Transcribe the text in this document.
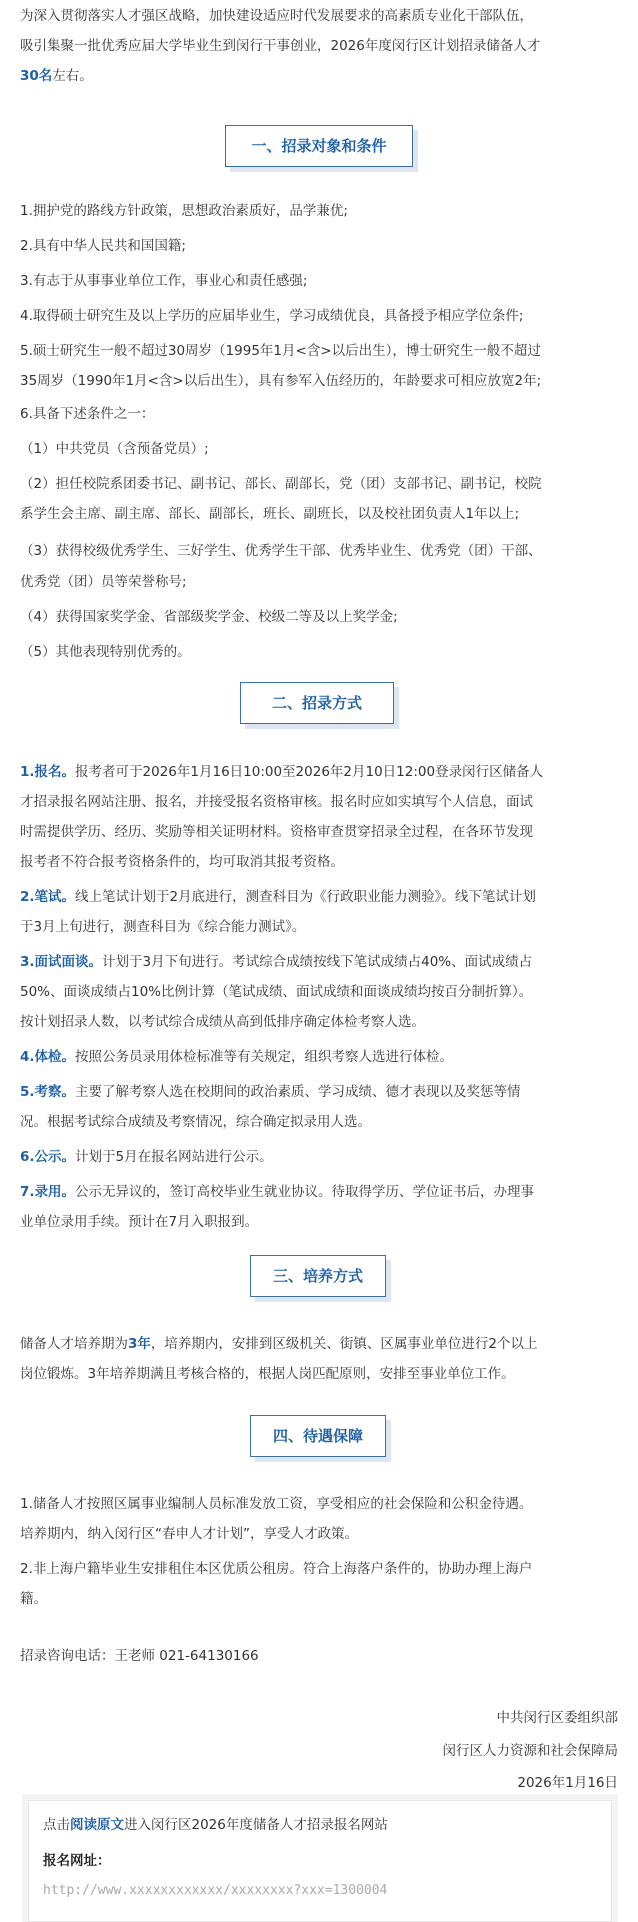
为深入贯彻落实人才强区战略，加快建设适应时代发展要求的高素质专业化干部队伍，

吸引集聚一批优秀应届大学毕业生到闵行干事创业，2026年度闵行区计划招录储备人才

30名左右。

一、招录对象和条件

1.拥护党的路线方针政策，思想政治素质好，品学兼优;

2.具有中华人民共和国国籍;

3.有志于从事事业单位工作，事业心和责任感强;

4.取得硕士研究生及以上学历的应届毕业生，学习成绩优良，具备授予相应学位条件;

5.硕士研究生一般不超过30周岁（1995年1月<含>以后出生），博士研究生一般不超过

35周岁（1990年1月<含>以后出生），具有参军入伍经历的，年龄要求可相应放宽2年;

6.具备下述条件之一：

（1）中共党员（含预备党员）;

（2）担任校院系团委书记、副书记、部长、副部长，党（团）支部书记、副书记，校院

系学生会主席、副主席、部长、副部长，班长、副班长，以及校社团负责人1年以上;

（3）获得校级优秀学生、三好学生、优秀学生干部、优秀毕业生、优秀党（团）干部、

优秀党（团）员等荣誉称号;

（4）获得国家奖学金、省部级奖学金、校级二等及以上奖学金;

（5）其他表现特别优秀的。

二、招录方式

1.报名。报考者可于2026年1月16日10:00至2026年2月10日12:00登录闵行区储备人

才招录报名网站注册、报名，并接受报名资格审核。报名时应如实填写个人信息，面试

时需提供学历、经历、奖励等相关证明材料。资格审查贯穿招录全过程，在各环节发现

报考者不符合报考资格条件的，均可取消其报考资格。

2.笔试。线上笔试计划于2月底进行，测查科目为《行政职业能力测验》。线下笔试计划

于3月上旬进行，测查科目为《综合能力测试》。

3.面试面谈。计划于3月下旬进行。考试综合成绩按线下笔试成绩占40%、面试成绩占

50%、面谈成绩占10%比例计算（笔试成绩、面试成绩和面谈成绩均按百分制折算）。

按计划招录人数，以考试综合成绩从高到低排序确定体检考察人选。

4.体检。按照公务员录用体检标准等有关规定，组织考察人选进行体检。

5.考察。主要了解考察人选在校期间的政治素质、学习成绩、德才表现以及奖惩等情

况。根据考试综合成绩及考察情况，综合确定拟录用人选。

6.公示。计划于5月在报名网站进行公示。

7.录用。公示无异议的，签订高校毕业生就业协议。待取得学历、学位证书后，办理事

业单位录用手续。预计在7月入职报到。

三、培养方式

储备人才培养期为3年，培养期内，安排到区级机关、街镇、区属事业单位进行2个以上

岗位锻炼。3年培养期满且考核合格的，根据人岗匹配原则，安排至事业单位工作。

四、待遇保障

1.储备人才按照区属事业编制人员标准发放工资，享受相应的社会保险和公积金待遇。

培养期内，纳入闵行区“春申人才计划”，享受人才政策。

2.非上海户籍毕业生安排租住本区优质公租房。符合上海落户条件的，协助办理上海户

籍。

招录咨询电话：王老师 021-64130166

中共闵行区委组织部

闵行区人力资源和社会保障局

2026年1月16日

点击阅读原文进入闵行区2026年度储备人才招录报名网站
报名网址：
http://www.xxxxxxxxxxxx/xxxxxxxx?xxx=1300004
